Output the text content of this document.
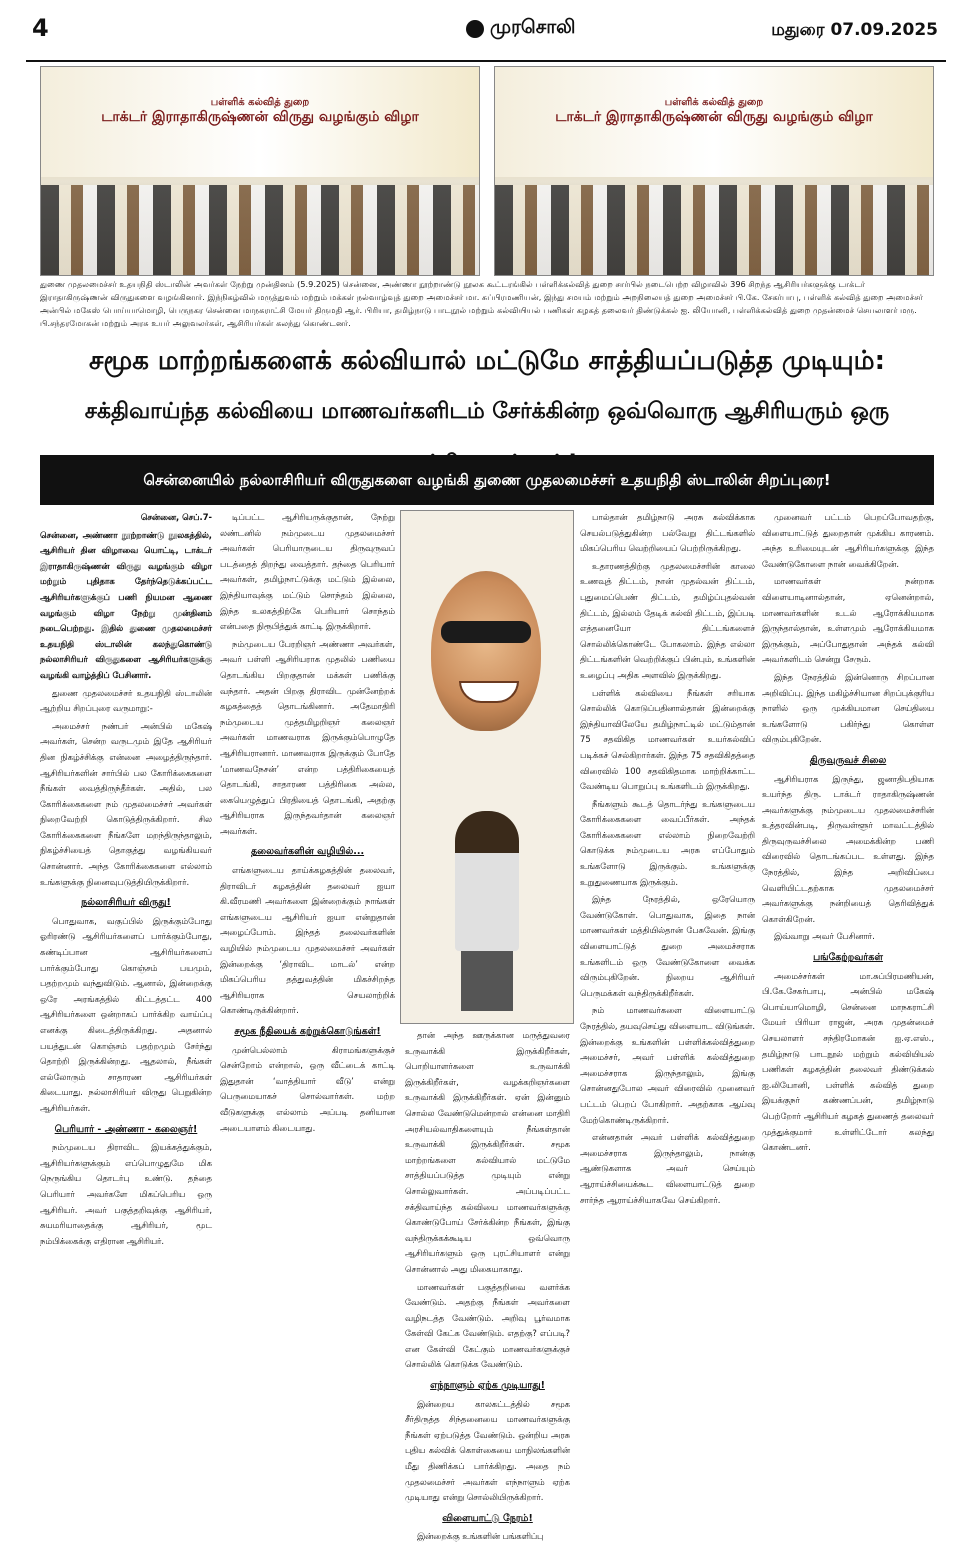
4	முரசொலி	மதுரை 07.09.2025
பள்ளிக் கல்வித் துறை
டாக்டர் இராதாகிருஷ்ணன் விருது வழங்கும் விழா
பள்ளிக் கல்வித் துறை
டாக்டர் இராதாகிருஷ்ணன் விருது வழங்கும் விழா
துணை முதலமைச்சர் உதயநிதி ஸ்டாலின் அவர்கள் நேற்று முன்தினம் (5.9.2025) சென்னை, அண்ணா நூற்றாண்டு நூலக கூட்டரங்கில் பள்ளிக்கல்வித் துறை சார்பில் நடைபெற்ற விழாவில் 396 சிறந்த ஆசிரியர்களுக்கு டாக்டர் இராதாகிருஷ்ணன் விருதுகளை வழங்கினார். இந்நிகழ்வில் மருத்துவம் மற்றும் மக்கள் நல்வாழ்வுத் துறை அமைச்சர் மா. சுப்பிரமணியன், இந்து சமயம் மற்றும் அறநிலையத் துறை அமைச்சர் பி.கே. சேகர்பாபு, பள்ளிக் கல்வித் துறை அமைச்சர் அன்பில் மகேஸ் பொய்யாமொழி, பெருநகர சென்னை மாநகராட்சி மேயர் திருமதி ஆர். பிரியா, தமிழ்நாடு பாடநூல் மற்றும் கல்வியியல் பணிகள் கழகத் தலைவர் திண்டுக்கல் ஐ. லியோனி, பள்ளிக்கல்வித் துறை முதன்மைச் செயலாளர் மரு. பி.சந்தரமோகன் மற்றும் அரசு உயர் அலுவலர்கள், ஆசிரியர்கள் கலந்து கொண்டனர்.
சமூக மாற்றங்களைக் கல்வியால் மட்டுமே சாத்தியப்படுத்த முடியும்:
சக்திவாய்ந்த கல்வியை மாணவர்களிடம் சேர்க்கின்ற ஒவ்வொரு ஆசிரியரும் ஒரு
சென்னையில் நல்லாசிரியர் விருதுகளை வழங்கி துணை முதலமைச்சர் உதயநிதி ஸ்டாலின் சிறப்புரை!

சென்னை, செப்.7-

சென்னை, அண்ணா நூற்றாண்டு நூலகத்தில், ஆசிரியர் தின விழாவை யொட்டி, டாக்டர் இராதாகிருஷ்ணன் விருது வழங்கும் விழா மற்றும் புதிதாக தேர்ந்தெடுக்கப்பட்ட ஆசிரியர்களுக்குப் பணி நியமன ஆணை வழங்கும் விழா நேற்று முன்தினம் நடைபெற்றது. இதில் துணை முதலமைச்சர் உதயநிதி ஸ்டாலின் கலந்துகொண்டு நல்லாசிரியர் விருதுகளை ஆசிரியர்களுக்கு வழங்கி வாழ்த்திப் பேசினார்.

துணை முதலமைச்சர் உதயநிதி ஸ்டாலின் ஆற்றிய சிறப்புரை வருமாறு:-

அமைச்சர் நண்பர் அன்பில் மகேஷ் அவர்கள், சென்ற வருடமும் இதே ஆசிரியர் தின நிகழ்ச்சிக்கு என்னை அழைத்திருந்தார். ஆசிரியர்களின் சார்பில் பல கோரிக்கைகளை நீங்கள் வைத்திருந்தீர்கள். அதில், பல கோரிக்கைகளை நம் முதலமைச்சர் அவர்கள் நிறைவேற்றி கொடுத்திருக்கிறார். சில கோரிக்கைகளை நீங்களே மறந்திருந்தாலும், நிகழ்ச்சியைத் தொகுத்து வழங்கியவர் சொன்னார். அந்த கோரிக்கைகளை எல்லாம் உங்களுக்கு நினைவுபடுத்தியிருக்கிறார்.

நல்லாசிரியர் விருது!

பொதுவாக, வகுப்பில் இருக்கும்போது ஓரிரண்டு ஆசிரியர்களைப் பார்க்கும்போது, கண்டிப்பான ஆசிரியர்களைப் பார்க்கும்போது கொஞ்சம் பயமும், பதற்றமும் வந்துவிடும். ஆனால், இன்றைக்கு ஒரே அரங்கத்தில் கிட்டத்தட்ட 400 ஆசிரியர்களை ஒன்றாகப் பார்க்கிற வாய்ப்பு எனக்கு கிடைத்திருக்கிறது. அதனால் பயத்துடன் கொஞ்சம் பதற்றமும் சேர்ந்து தொற்றி இருக்கின்றது. ஆதலால், நீங்கள் எல்லோரும் சாதாரண ஆசிரியர்கள் கிடையாது. நல்லாசிரியர் விருது பெறுகின்ற ஆசிரியர்கள்.

பெரியார் - அண்ணா - கலைஞர்!

நம்முடைய திராவிட இயக்கத்துக்கும், ஆசிரியர்களுக்கும் எப்பொழுதுமே மிக நெருங்கிய தொடர்பு உண்டு. தந்தை பெரியார் அவர்களே மிகப்பெரிய ஒரு ஆசிரியர். அவர் பகுத்தறிவுக்கு ஆசிரியர், சுயமரியாதைக்கு ஆசிரியர், மூட நம்பிக்கைக்கு எதிரான ஆசிரியர்.

டிப்பட்ட ஆசிரியருக்குதான், நேற்று லண்டனில் நம்முடைய முதலமைச்சர் அவர்கள் பெரியாருடைய திருவுருவப் படத்தைத் திறந்து வைத்தார். தந்தை பெரியார் அவர்கள், தமிழ்நாட்டுக்கு மட்டும் இல்லை, இந்தியாவுக்கு மட்டும் சொந்தம் இல்லை, இந்த உலகத்திற்கே பெரியார் சொந்தம் என்பதை நிரூபித்துக் காட்டி இருக்கிறார்.

நம்முடைய பேரறிஞர் அண்ணா அவர்கள், அவர் பள்ளி ஆசிரியராக முதலில் பணியை தொடங்கிய பிறகுதான் மக்கள் பணிக்கு வந்தார். அதன் பிறகு திராவிட முன்னேற்றக் கழகத்தைத் தொடங்கினார். அதேமாதிரி நம்முடைய முத்தமிழறிஞர் கலைஞர் அவர்கள் மாணவராக இருக்கும்பொழுதே ஆசிரியரானார். மாணவராக இருக்கும் போதே ‘மாணவநேசன்’ என்ற பத்திரிகையைத் தொடங்கி, சாதாரண பத்திரிகை அல்ல, கையெழுத்துப் பிரதியைத் தொடங்கி, அதற்கு ஆசிரியராக இருந்தவர்தான் கலைஞர் அவர்கள்.

தலைவர்களின் வழியில்...

எங்களுடைய தாய்க்கழகத்தின் தலைவர், திராவிடர் கழகத்தின் தலைவர் ஐயா கி.வீரமணி அவர்களை இன்றைக்கும் நாங்கள் எங்களுடைய ஆசிரியர் ஐயா என்றுதான் அழைப்போம். இந்தத் தலைவர்களின் வழியில் நம்முடைய முதலமைச்சர் அவர்கள் இன்றைக்கு ‘திராவிட மாடல்’ என்ற மிகப்பெரிய தத்துவத்தின் மிகச்சிறந்த ஆசிரியராக செயலாற்றிக் கொண்டிருக்கின்றார்.

சமூக நீதியைக் கற்றுக்கொடுங்கள்!

முன்பெல்லாம் கிராமங்களுக்குச் சென்றோம் என்றால், ஒரு வீட்டைக் காட்டி இதுதான் ‘வாத்தியார் வீடு’ என்று பெருமையாகச் சொல்வார்கள். மற்ற வீடுகளுக்கு எல்லாம் அப்படி தனியான அடையாளம் கிடையாது.

தான் அந்த ஊருக்கான மருத்துவரை உருவாக்கி இருக்கிறீர்கள், பொறியாளர்களை உருவாக்கி இருக்கிறீர்கள், வழக்கறிஞர்களை உருவாக்கி இருக்கிறீர்கள். ஏன் இன்னும் சொல்ல வேண்டுமென்றால் என்னை மாதிரி அரசியல்வாதிகளையும் நீங்கள்தான் உருவாக்கி இருக்கிறீர்கள். சமூக மாற்றங்களை கல்வியால் மட்டுமே சாத்தியப்படுத்த முடியும் என்று சொல்லுவார்கள். அப்படிப்பட்ட சக்திவாய்ந்த கல்வியை மாணவர்களுக்கு கொண்டுபோய் சேர்க்கின்ற நீங்கள், இங்கு வந்திருக்கக்கூடிய ஒவ்வொரு ஆசிரியர்களும் ஒரு புரட்சியாளர் என்று சொன்னால் அது மிகையாகாது.

மாணவர்கள் பகுத்தறிவை வளர்க்க வேண்டும். அதற்கு நீங்கள் அவர்களை வழிநடத்த வேண்டும். அறிவு பூர்வமாக கேள்வி கேட்க வேண்டும். எதற்கு? எப்படி? என கேள்வி கேட்கும் மாணவர்களுக்குச் சொல்லிக் கொடுக்க வேண்டும்.

எந்நாளும் ஏற்க முடியாது!

இன்றைய காலகட்டத்தில் சமூக சீர்திருத்த சிந்தனையை மாணவர்களுக்கு நீங்கள் ஏற்படுத்த வேண்டும். ஒன்றிய அரசு புதிய கல்விக் கொள்கையை மாநிலங்களின் மீது திணிக்கப் பார்க்கிறது. அதை நம் முதலமைச்சர் அவர்கள் எந்நாளும் ஏற்க முடியாது என்று சொல்லியிருக்கிறார்.

விளையாட்டு நேரம்!

இன்றைக்கு உங்களின் பங்களிப்பு

பால்தான் தமிழ்நாடு அரசு கல்விக்காக செயல்படுத்துகின்ற பல்வேறு திட்டங்களில் மிகப்பெரிய வெற்றியைப் பெற்றிருக்கிறது.

உதாரணத்திற்கு முதலமைச்சரின் காலை உணவுத் திட்டம், நான் முதல்வன் திட்டம், புதுமைப்பெண் திட்டம், தமிழ்ப்புதல்வன் திட்டம், இல்லம் தேடிக் கல்வி திட்டம், இப்படி எத்தனையோ திட்டங்களைச் சொல்லிக்கொண்டே போகலாம். இந்த எல்லா திட்டங்களின் வெற்றிக்குப் பின்பும், உங்களின் உழைப்பு அதிக அளவில் இருக்கிறது.

பள்ளிக் கல்வியை நீங்கள் சரியாக சொல்லிக் கொடுப்பதினால்தான் இன்றைக்கு இந்தியாவிலேயே தமிழ்நாட்டில் மட்டும்தான் 75 சதவிகித மாணவர்கள் உயர்கல்விப் படிக்கச் செல்கிறார்கள். இந்த 75 சதவிகிதத்தை விரைவில் 100 சதவிகிதமாக மாற்றிக்காட்ட வேண்டிய பொறுப்பு உங்களிடம் இருக்கிறது.

நீங்களும் கூடத் தொடர்ந்து உங்களுடைய கோரிக்கைகளை வைப்பீர்கள். அந்தக் கோரிக்கைகளை எல்லாம் நிறைவேற்றி கொடுக்க நம்முடைய அரசு எப்போதும் உங்களோடு இருக்கும். உங்களுக்கு உறுதுணையாக இருக்கும்.

இந்த நேரத்தில், ஒரேயொரு வேண்டுகோள். பொதுவாக, இதை நான் மாணவர்கள் மத்தியில்தான் பேசுவேன். இங்கு விளையாட்டுத் துறை அமைச்சராக உங்களிடம் ஒரு வேண்டுகோளை வைக்க விரும்புகிறேன். நிறைய ஆசிரியர் பெருமக்கள் வந்திருக்கிறீர்கள்.

நம் மாணவர்களை விளையாட்டு நேரத்தில், தயவுசெய்து விளையாட விடுங்கள். இன்றைக்கு உங்களின் பள்ளிக்கல்வித்துறை அமைச்சர், அவர் பள்ளிக் கல்வித்துறை அமைச்சராக இருந்தாலும், இங்கு சொன்னதுபோல அவர் விரைவில் முனைவர் பட்டம் பெறப் போகிறார். அதற்காக ஆய்வு மேற்கொண்டிருக்கிறார்.

என்னதான் அவர் பள்ளிக் கல்வித்துறை அமைச்சராக இருந்தாலும், நான்கு ஆண்டுகளாக அவர் செய்யும் ஆராய்ச்சியைக்கூட விளையாட்டுத் துறை சார்ந்த ஆராய்ச்சியாகவே செய்கிறார்.

முனைவர் பட்டம் பெறப்போவதற்கு, விளையாட்டுத் துறைதான் முக்கிய காரணம். அந்த உரிமையுடன் ஆசிரியர்களுக்கு இந்த வேண்டுகோளை நான் வைக்கிறேன்.

மாணவர்கள் நன்றாக விளையாடினால்தான், ஏனென்றால், மாணவர்களின் உடல் ஆரோக்கியமாக இருந்தால்தான், உள்ளமும் ஆரோக்கியமாக இருக்கும், அப்போதுதான் அந்தக் கல்வி அவர்களிடம் சென்று சேரும்.

இந்த நேரத்தில் இன்னொரு சிறப்பான அறிவிப்பு. இந்த மகிழ்ச்சியான சிறப்புக்குரிய நாளில் ஒரு முக்கியமான செய்தியை உங்களோடு பகிர்ந்து கொள்ள விரும்புகிறேன்.

திருவுருவச் சிலை

ஆசிரியராக இருந்து, ஜனாதிபதியாக உயர்ந்த திரு. டாக்டர் ராதாகிருஷ்ணன் அவர்களுக்கு நம்முடைய முதலமைச்சரின் உத்தரவின்படி, திருவள்ளூர் மாவட்டத்தில் திருவுருவச்சிலை அமைக்கின்ற பணி விரைவில் தொடங்கப்பட உள்ளது. இந்த நேரத்தில், இந்த அறிவிப்பை வெளியிட்டதற்காக முதலமைச்சர் அவர்களுக்கு நன்றியைத் தெரிவித்துக் கொள்கிறேன்.

இவ்வாறு அவர் பேசினார்.

பங்கேற்றவர்கள்

அமைச்சர்கள் மா.சுப்பிரமணியன், பி.கே.சேகர்பாபு, அன்பில் மகேஷ் பொய்யாமொழி, சென்னை மாநகராட்சி மேயர் பிரியா ராஜன், அரசு முதன்மைச் செயலாளர் சந்திரமோகன் ஐ.ஏ.எஸ்., தமிழ்நாடு பாடநூல் மற்றும் கல்வியியல் பணிகள் கழகத்தின் தலைவர் திண்டுக்கல் ஐ.லியோனி, பள்ளிக் கல்வித் துறை இயக்குநர் கண்ணப்பன், தமிழ்நாடு பெற்றோர் ஆசிரியர் கழகத் துணைத் தலைவர் முத்துக்குமார் உள்ளிட்டோர் கலந்து கொண்டனர்.
